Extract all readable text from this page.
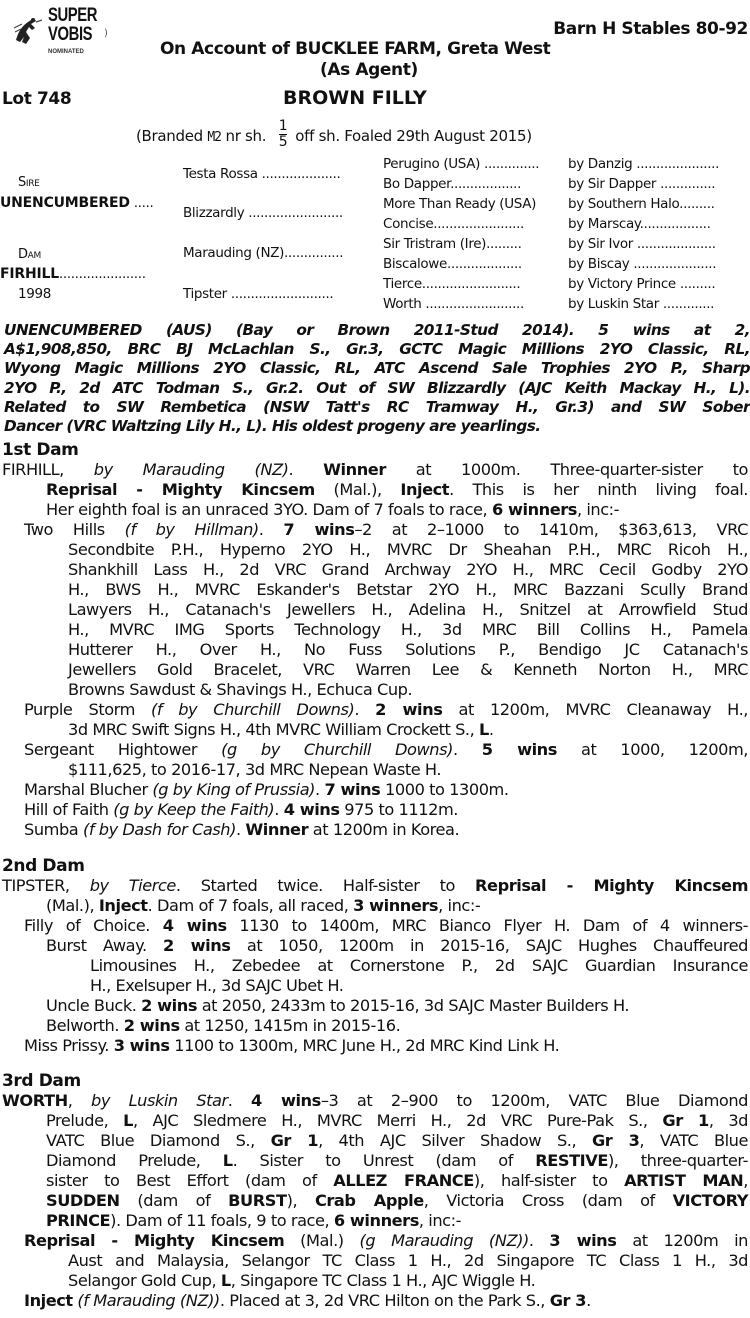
SUPER
VOBIS
NOMINATED
)	Barn H Stables 80-92
On Account of BUCKLEE FARM, Greta West
(As Agent)
Lot 748	BROWN FILLY
(Branded M2 nr sh. $\frac{1}{5}$ off sh. Foaled 29th August 2015)
Sire
UNENCUMBERED .....
Dam
FIRHILL......................
1998
Testa Rossa ....................
Blizzardly ........................
Marauding (NZ)...............
Tipster ..........................
Perugino (USA) .............. by Danzig .....................
Bo Dapper..................	by Sir Dapper ..............
More Than Ready (USA) by Southern Halo.........
Concise.......................	by Marscay..................
Sir Tristram (Ire).........	by Sir Ivor ....................
Biscalowe...................	by Biscay .....................
Tierce.........................	by Victory Prince .........
Worth .........................	by Luskin Star .............
UNENCUMBERED (AUS) (Bay or Brown 2011-Stud 2014). 5 wins at 2,
A$1,908,850, BRC BJ McLachlan S., Gr.3, GCTC Magic Millions 2YO Classic, RL,
Wyong Magic Millions 2YO Classic, RL, ATC Ascend Sale Trophies 2YO P., Sharp
2YO P., 2d ATC Todman S., Gr.2. Out of SW Blizzardly (AJC Keith Mackay H., L).
Related to SW Rembetica (NSW Tatt's RC Tramway H., Gr.3) and SW Sober
Dancer (VRC Waltzing Lily H., L). His oldest progeny are yearlings.
1st Dam
FIRHILL, by Marauding (NZ). Winner at 1000m. Three-quarter-sister to
Reprisal - Mighty Kincsem (Mal.), Inject. This is her ninth living foal.
Her eighth foal is an unraced 3YO. Dam of 7 foals to race, 6 winners, inc:-
Two Hills (f by Hillman). 7 wins–2 at 2–1000 to 1410m, $363,613, VRC
Secondbite P.H., Hyperno 2YO H., MVRC Dr Sheahan P.H., MRC Ricoh H.,
Shankhill Lass H., 2d VRC Grand Archway 2YO H., MRC Cecil Godby 2YO
H., BWS H., MVRC Eskander's Betstar 2YO H., MRC Bazzani Scully Brand
Lawyers H., Catanach's Jewellers H., Adelina H., Snitzel at Arrowfield Stud
H., MVRC IMG Sports Technology H., 3d MRC Bill Collins H., Pamela
Hutterer H., Over H., No Fuss Solutions P., Bendigo JC Catanach's
Jewellers Gold Bracelet, VRC Warren Lee & Kenneth Norton H., MRC
Browns Sawdust & Shavings H., Echuca Cup.
Purple Storm (f by Churchill Downs). 2 wins at 1200m, MVRC Cleanaway H.,
3d MRC Swift Signs H., 4th MVRC William Crockett S., L.
Sergeant Hightower (g by Churchill Downs). 5 wins at 1000, 1200m,
$111,625, to 2016-17, 3d MRC Nepean Waste H.
Marshal Blucher (g by King of Prussia). 7 wins 1000 to 1300m.
Hill of Faith (g by Keep the Faith). 4 wins 975 to 1112m.
Sumba (f by Dash for Cash). Winner at 1200m in Korea.
2nd Dam
TIPSTER, by Tierce. Started twice. Half-sister to Reprisal - Mighty Kincsem
(Mal.), Inject. Dam of 7 foals, all raced, 3 winners, inc:-
Filly of Choice. 4 wins 1130 to 1400m, MRC Bianco Flyer H. Dam of 4 winners-
Burst Away. 2 wins at 1050, 1200m in 2015-16, SAJC Hughes Chauffeured
Limousines H., Zebedee at Cornerstone P., 2d SAJC Guardian Insurance
H., Exelsuper H., 3d SAJC Ubet H.
Uncle Buck. 2 wins at 2050, 2433m to 2015-16, 3d SAJC Master Builders H.
Belworth. 2 wins at 1250, 1415m in 2015-16.
Miss Prissy. 3 wins 1100 to 1300m, MRC June H., 2d MRC Kind Link H.
3rd Dam
WORTH, by Luskin Star. 4 wins–3 at 2–900 to 1200m, VATC Blue Diamond
Prelude, L, AJC Sledmere H., MVRC Merri H., 2d VRC Pure-Pak S., Gr 1, 3d
VATC Blue Diamond S., Gr 1, 4th AJC Silver Shadow S., Gr 3, VATC Blue
Diamond Prelude, L. Sister to Unrest (dam of RESTIVE), three-quarter-
sister to Best Effort (dam of ALLEZ FRANCE), half-sister to ARTIST MAN,
SUDDEN (dam of BURST), Crab Apple, Victoria Cross (dam of VICTORY
PRINCE). Dam of 11 foals, 9 to race, 6 winners, inc:-
Reprisal - Mighty Kincsem (Mal.) (g Marauding (NZ)). 3 wins at 1200m in
Aust and Malaysia, Selangor TC Class 1 H., 2d Singapore TC Class 1 H., 3d
Selangor Gold Cup, L, Singapore TC Class 1 H., AJC Wiggle H.
Inject (f Marauding (NZ)). Placed at 3, 2d VRC Hilton on the Park S., Gr 3.
